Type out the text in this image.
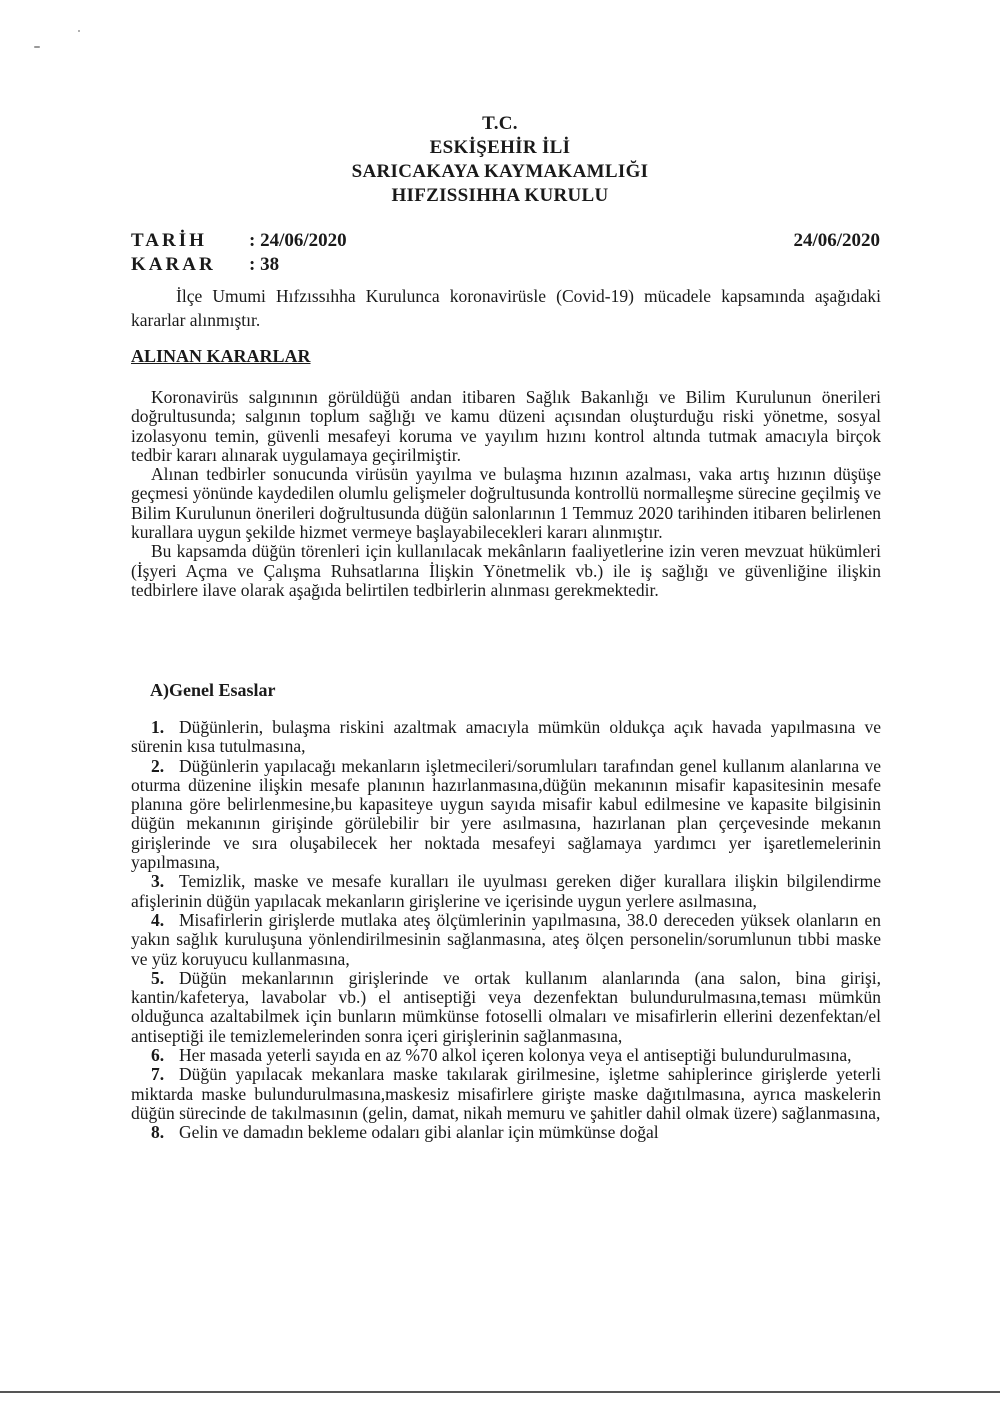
T.C.
ESKİŞEHİR İLİ
SARICAKAYA KAYMAKAMLIĞI
HIFZISSIHHA KURULU
TARİH : 24/06/2020
KARAR : 38
24/06/2020

İlçe Umumi Hıfzıssıhha Kurulunca koronavirüsle (Covid-19) mücadele kapsamında aşağıdaki kararlar alınmıştır.

ALINAN KARARLAR

Koronavirüs salgınının görüldüğü andan itibaren Sağlık Bakanlığı ve Bilim Kurulunun önerileri doğrultusunda; salgının toplum sağlığı ve kamu düzeni açısından oluşturduğu riski yönetme, sosyal izolasyonu temin, güvenli mesafeyi koruma ve yayılım hızını kontrol altında tutmak amacıyla birçok tedbir kararı alınarak uygulamaya geçirilmiştir.

Alınan tedbirler sonucunda virüsün yayılma ve bulaşma hızının azalması, vaka artış hızının düşüşe geçmesi yönünde kaydedilen olumlu gelişmeler doğrultusunda kontrollü normalleşme sürecine geçilmiş ve Bilim Kurulunun önerileri doğrultusunda düğün salonlarının 1 Temmuz 2020 tarihinden itibaren belirlenen kurallara uygun şekilde hizmet vermeye başlayabilecekleri kararı alınmıştır.

Bu kapsamda düğün törenleri için kullanılacak mekânların faaliyetlerine izin veren mevzuat hükümleri (İşyeri Açma ve Çalışma Ruhsatlarına İlişkin Yönetmelik vb.) ile iş sağlığı ve güvenliğine ilişkin tedbirlere ilave olarak aşağıda belirtilen tedbirlerin alınması gerekmektedir.

A)Genel Esaslar

1. Düğünlerin, bulaşma riskini azaltmak amacıyla mümkün oldukça açık havada yapılmasına ve sürenin kısa tutulmasına,

2. Düğünlerin yapılacağı mekanların işletmecileri/sorumluları tarafından genel kullanım alanlarına ve oturma düzenine ilişkin mesafe planının hazırlanmasına,düğün mekanının misafir kapasitesinin mesafe planına göre belirlenmesine,bu kapasiteye uygun sayıda misafir kabul edilmesine ve kapasite bilgisinin düğün mekanının girişinde görülebilir bir yere asılmasına, hazırlanan plan çerçevesinde mekanın girişlerinde ve sıra oluşabilecek her noktada mesafeyi sağlamaya yardımcı yer işaretlemelerinin yapılmasına,

3. Temizlik, maske ve mesafe kuralları ile uyulması gereken diğer kurallara ilişkin bilgilendirme afişlerinin düğün yapılacak mekanların girişlerine ve içerisinde uygun yerlere asılmasına,

4. Misafirlerin girişlerde mutlaka ateş ölçümlerinin yapılmasına, 38.0 dereceden yüksek olanların en yakın sağlık kuruluşuna yönlendirilmesinin sağlanmasına, ateş ölçen personelin/sorumlunun tıbbi maske ve yüz koruyucu kullanmasına,

5. Düğün mekanlarının girişlerinde ve ortak kullanım alanlarında (ana salon, bina girişi, kantin/kafeterya, lavabolar vb.) el antiseptiği veya dezenfektan bulundurulmasına,teması mümkün olduğunca azaltabilmek için bunların mümkünse fotoselli olmaları ve misafirlerin ellerini dezenfektan/el antiseptiği ile temizlemelerinden sonra içeri girişlerinin sağlanmasına,

6. Her masada yeterli sayıda en az %70 alkol içeren kolonya veya el antiseptiği bulundurulmasına,

7. Düğün yapılacak mekanlara maske takılarak girilmesine, işletme sahiplerince girişlerde yeterli miktarda maske bulundurulmasına,maskesiz misafirlere girişte maske dağıtılmasına, ayrıca maskelerin düğün sürecinde de takılmasının (gelin, damat, nikah memuru ve şahitler dahil olmak üzere) sağlanmasına,

8. Gelin ve damadın bekleme odaları gibi alanlar için mümkünse doğal
